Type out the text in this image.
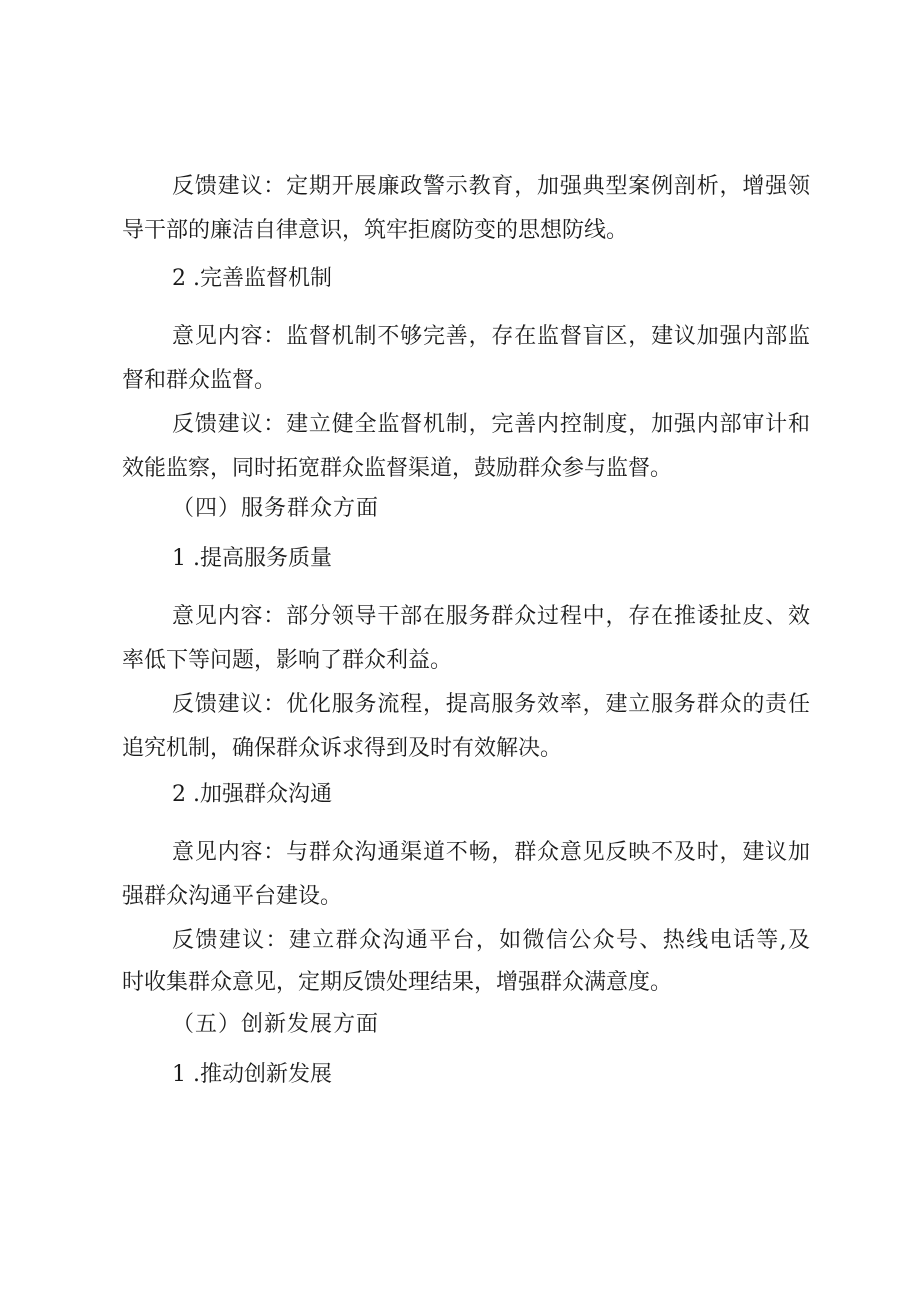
反馈建议：定期开展廉政警示教育，加强典型案例剖析，增强领
导干部的廉洁自律意识，筑牢拒腐防变的思想防线。
2 .完善监督机制
意见内容：监督机制不够完善，存在监督盲区，建议加强内部监
督和群众监督。
反馈建议：建立健全监督机制，完善内控制度，加强内部审计和
效能监察，同时拓宽群众监督渠道，鼓励群众参与监督。
（四）服务群众方面
1 .提高服务质量
意见内容：部分领导干部在服务群众过程中，存在推诿扯皮、效
率低下等问题，影响了群众利益。
反馈建议：优化服务流程，提高服务效率，建立服务群众的责任
追究机制，确保群众诉求得到及时有效解决。
2 .加强群众沟通
意见内容：与群众沟通渠道不畅，群众意见反映不及时，建议加
强群众沟通平台建设。
反馈建议：建立群众沟通平台，如微信公众号、热线电话等,及
时收集群众意见，定期反馈处理结果，增强群众满意度。
（五）创新发展方面
1 .推动创新发展
